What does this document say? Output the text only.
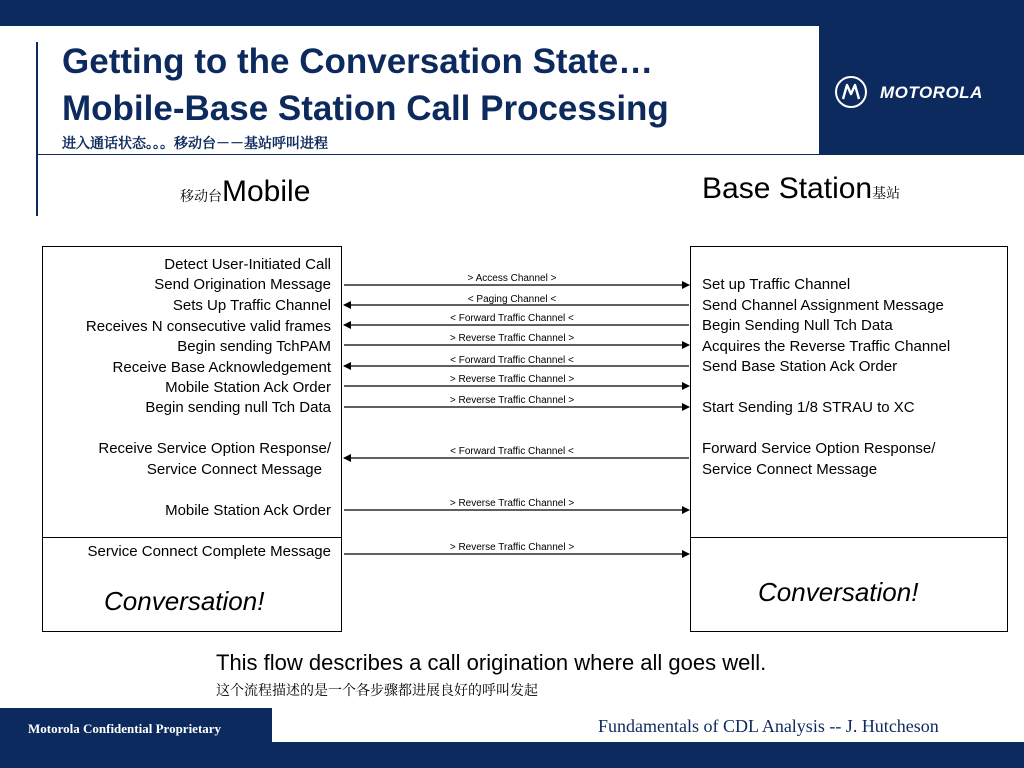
Getting to the Conversation State…
Mobile-Base Station Call Processing
进入通话状态。。。移动台－－基站呼叫进程
MOTOROLA
移动台Mobile	Base Station基站
Detect User-Initiated Call
Send Origination Message
Sets Up Traffic Channel
Receives N consecutive valid frames
Begin sending TchPAM
Receive Base Acknowledgement
Mobile Station Ack Order
Begin sending null Tch Data
Receive Service Option Response/
Service Connect Message
Mobile Station Ack Order
Service Connect Complete Message
Conversation!
Set up Traffic Channel
Send Channel Assignment Message
Begin Sending Null Tch Data
Acquires the Reverse Traffic Channel
Send Base Station Ack Order
Start Sending 1/8 STRAU to XC
Forward Service Option Response/
Service Connect Message
Conversation!
> Access Channel >
< Paging Channel <
< Forward Traffic Channel <
> Reverse Traffic Channel >
< Forward Traffic Channel <
> Reverse Traffic Channel >
> Reverse Traffic Channel >
< Forward Traffic Channel <
> Reverse Traffic Channel >
> Reverse Traffic Channel >
This flow describes a call origination where all goes well.
这个流程描述的是一个各步骤都进展良好的呼叫发起
Motorola Confidential Proprietary	Fundamentals of CDL Analysis -- J. Hutcheson
